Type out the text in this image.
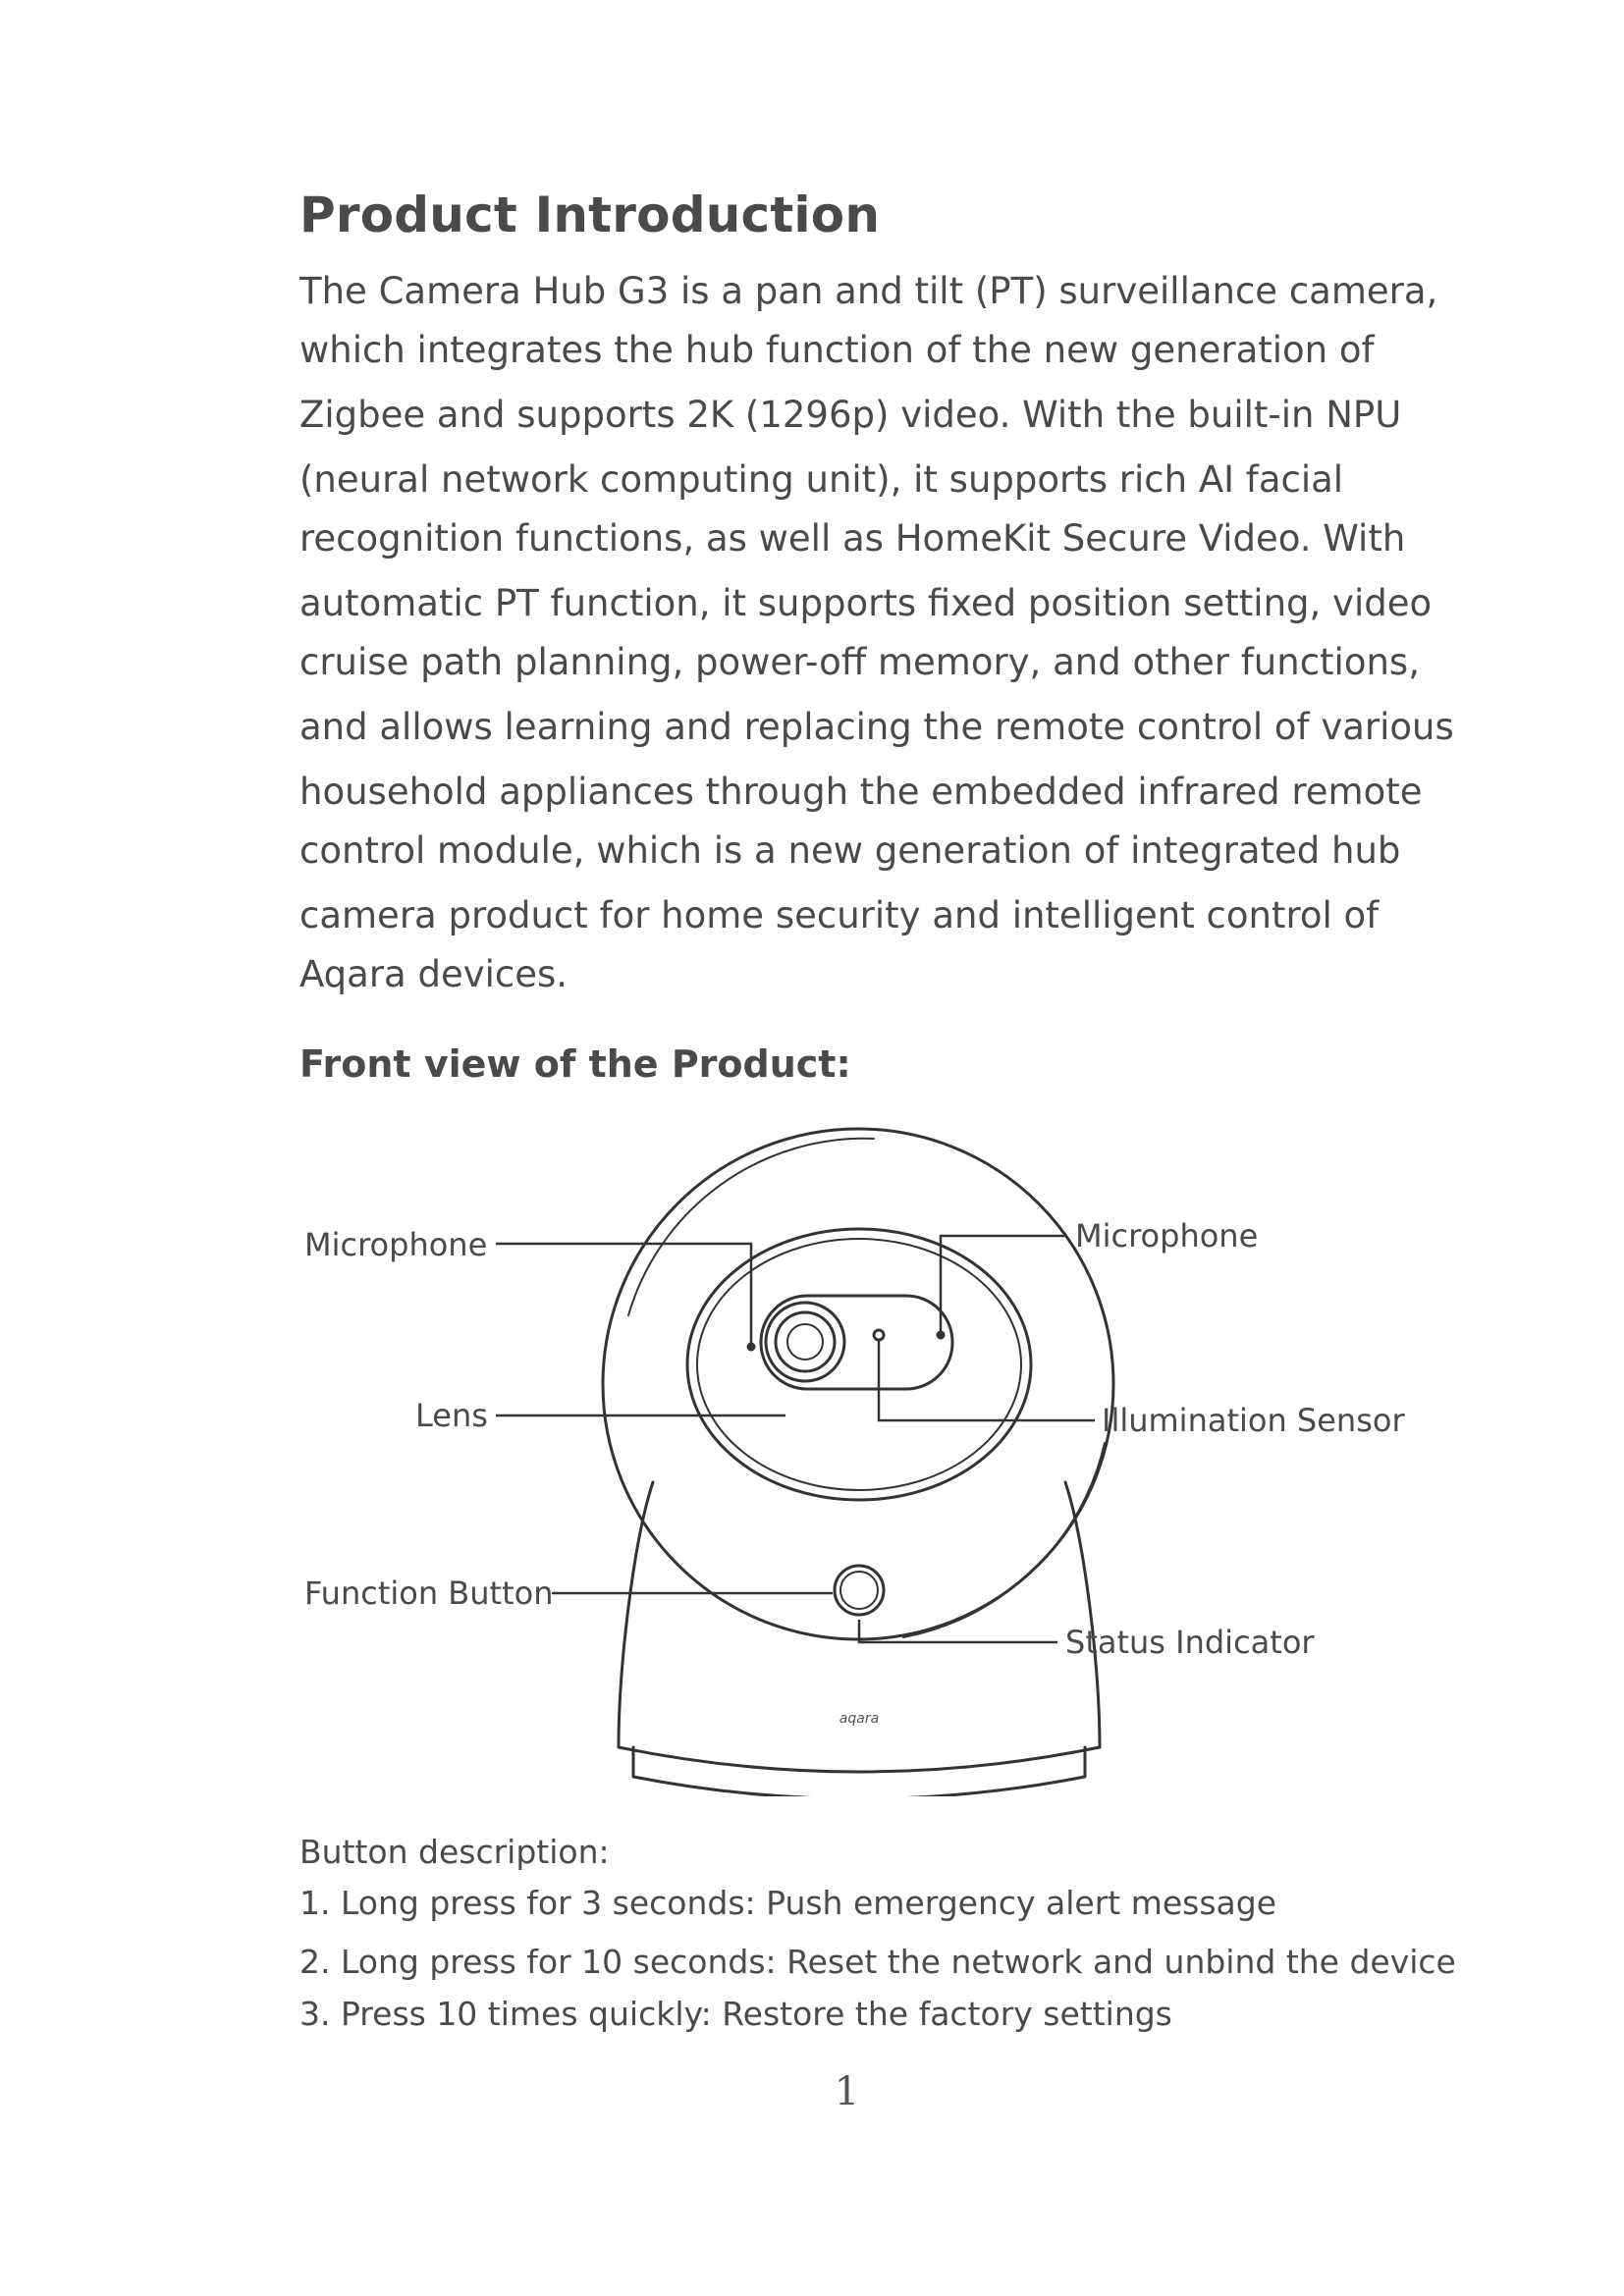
Product Introduction

The Camera Hub G3 is a pan and tilt (PT) surveillance camera,

which integrates the hub function of the new generation of

Zigbee and supports 2K (1296p) video. With the built-in NPU

(neural network computing unit), it supports rich AI facial

recognition functions, as well as HomeKit Secure Video. With

automatic PT function, it supports fixed position setting, video

cruise path planning, power-off memory, and other functions,

and allows learning and replacing the remote control of various

household appliances through the embedded infrared remote

control module, which is a new generation of integrated hub

camera product for home security and intelligent control of

Aqara devices.

Front view of the Product:
aqara
Microphone
Lens
Function Button
Microphone
Illumination Sensor
Status Indicator

Button description:

1. Long press for 3 seconds: Push emergency alert message

2. Long press for 10 seconds: Reset the network and unbind the device

3. Press 10 times quickly: Restore the factory settings

1
